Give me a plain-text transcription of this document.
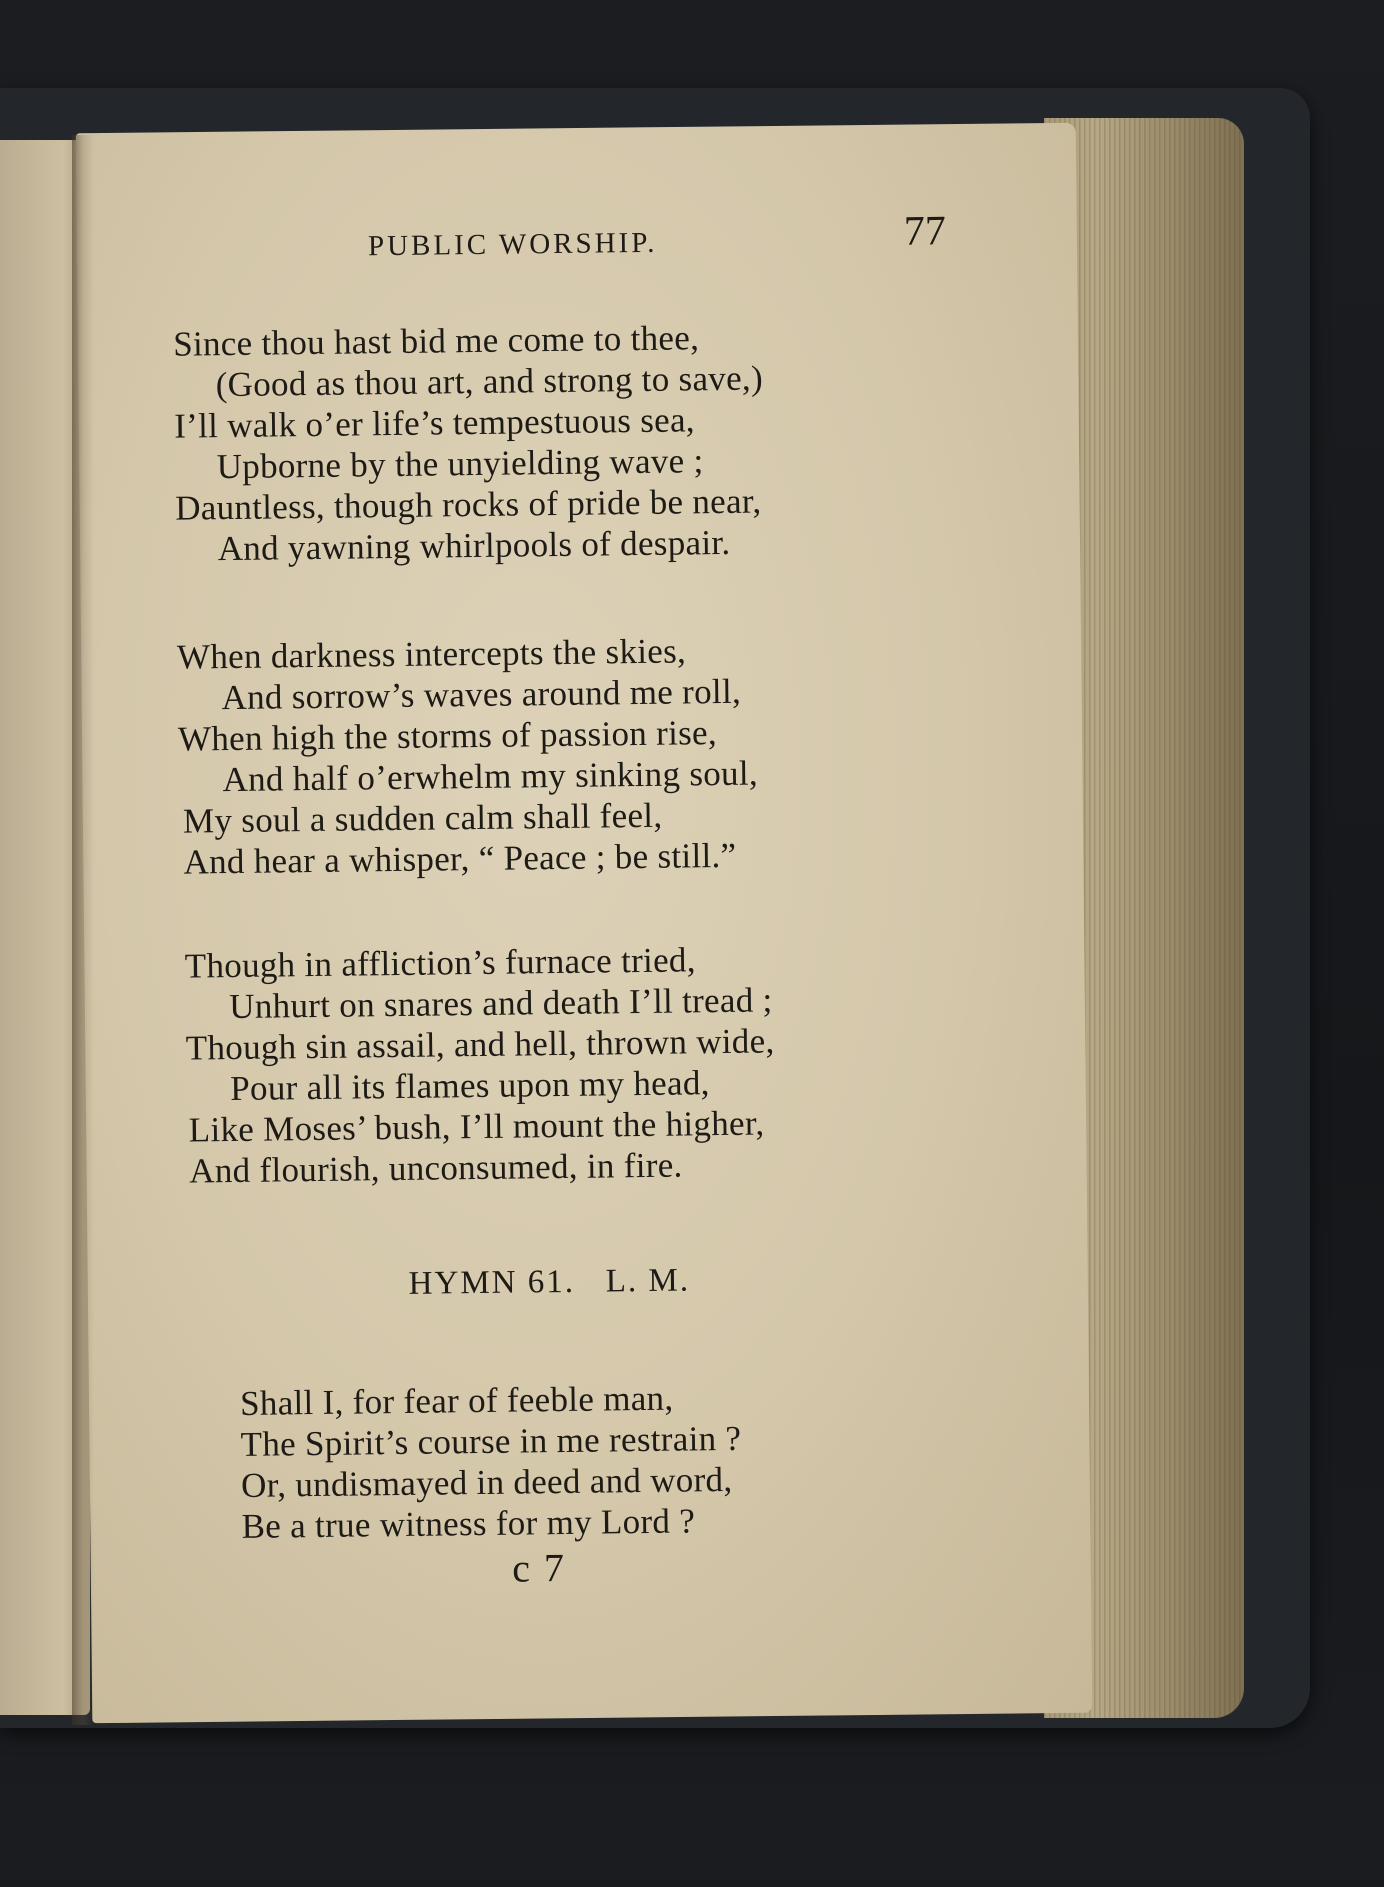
PUBLIC WORSHIP.	77
Since thou hast bid me come to thee,
(Good as thou art, and strong to save,)
I’ll walk o’er life’s tempestuous sea,
Upborne by the unyielding wave ;
Dauntless, though rocks of pride be near,
And yawning whirlpools of despair.
When darkness intercepts the skies,
And sorrow’s waves around me roll,
When high the storms of passion rise,
And half o’erwhelm my sinking soul,
My soul a sudden calm shall feel,
And hear a whisper, “ Peace ; be still.”
Though in affliction’s furnace tried,
Unhurt on snares and death I’ll tread ;
Though sin assail, and hell, thrown wide,
Pour all its flames upon my head,
Like Moses’ bush, I’ll mount the higher,
And flourish, unconsumed, in fire.
HYMN 61.   L. M.
Shall I, for fear of feeble man,
The Spirit’s course in me restrain ?
Or, undismayed in deed and word,
Be a true witness for my Lord ?
c 7
